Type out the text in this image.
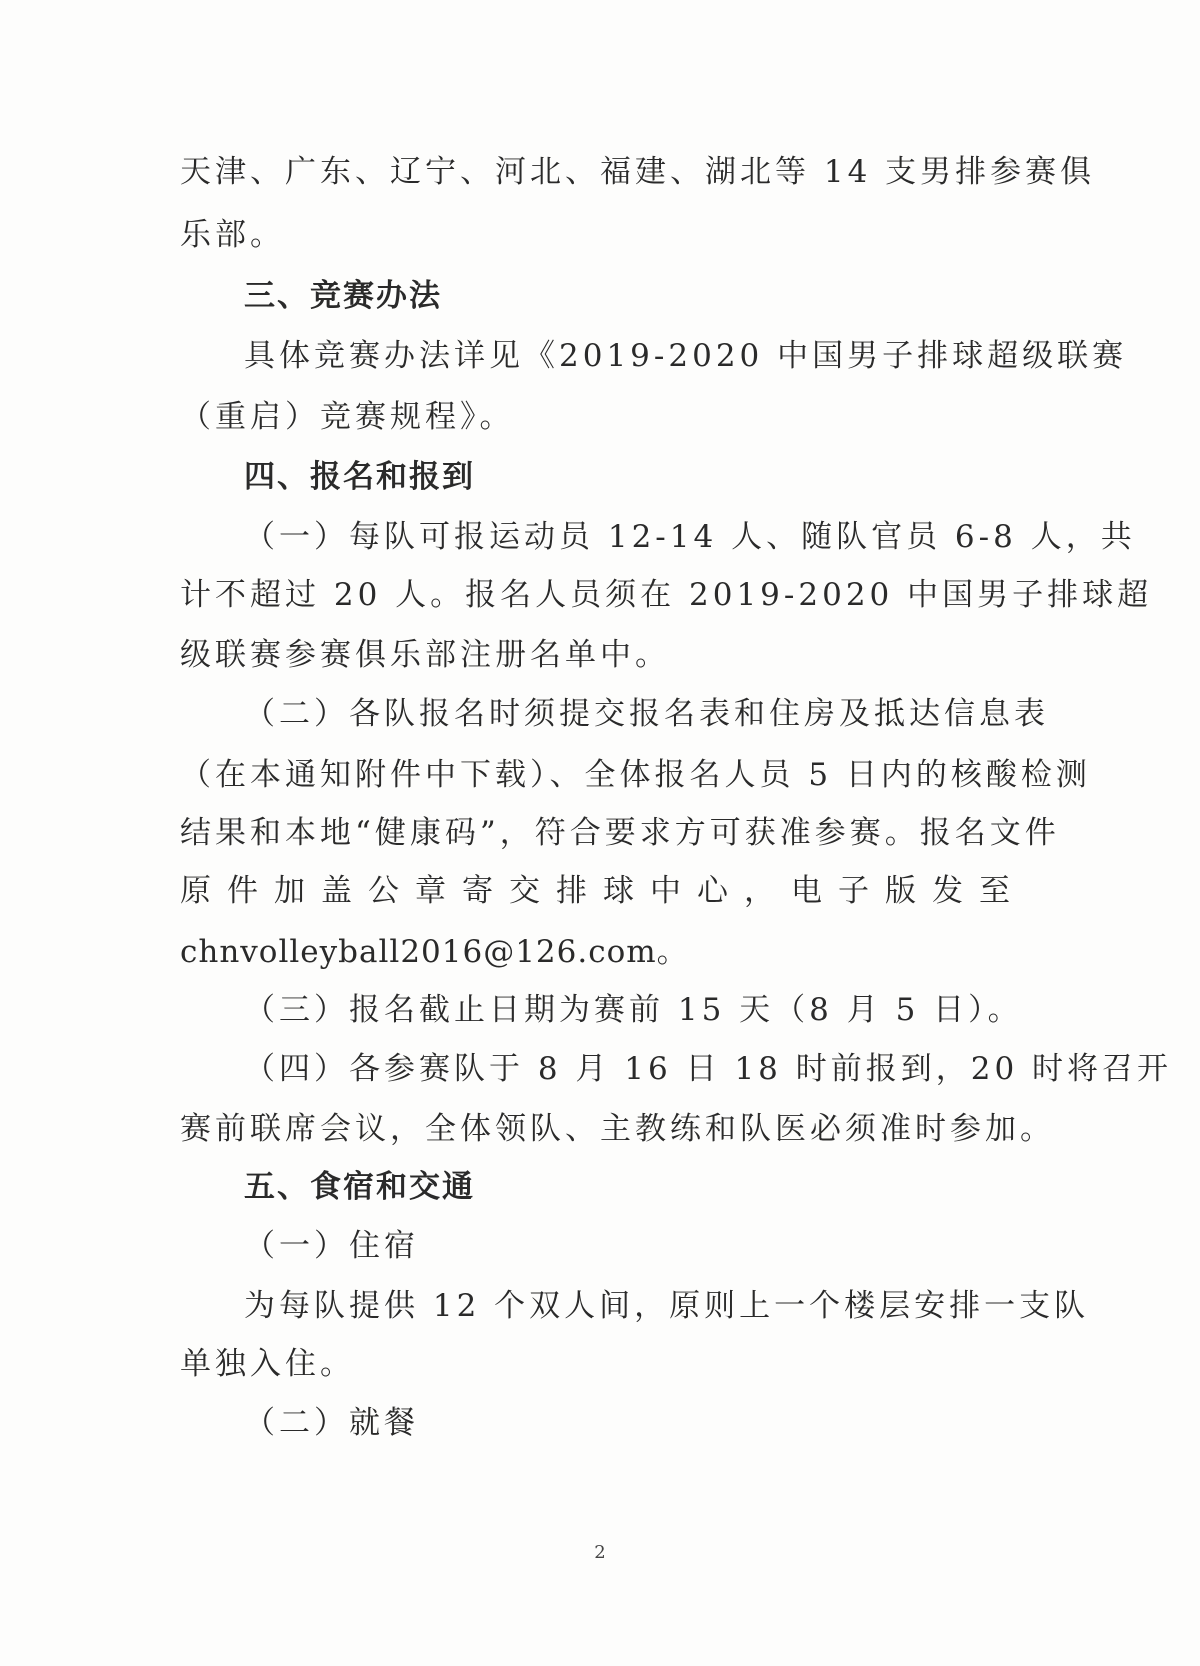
天津、广东、辽宁、河北、福建、湖北等 14 支男排参赛俱
乐部。
三、竞赛办法
具体竞赛办法详见《2019-2020 中国男子排球超级联赛
（重启）竞赛规程》。
四、报名和报到
（一）每队可报运动员 12-14 人、随队官员 6-8 人，共
计不超过 20 人。报名人员须在 2019-2020 中国男子排球超
级联赛参赛俱乐部注册名单中。
（二）各队报名时须提交报名表和住房及抵达信息表
（在本通知附件中下载）、全体报名人员 5 日内的核酸检测
结果和本地“健康码”，符合要求方可获准参赛。报名文件
原 件 加 盖 公 章 寄 交 排 球 中 心 ， 电 子 版 发 至
chnvolleyball2016@126.com。
（三）报名截止日期为赛前 15 天（8 月 5 日）。
（四）各参赛队于 8 月 16 日 18 时前报到，20 时将召开
赛前联席会议，全体领队、主教练和队医必须准时参加。
五、食宿和交通
（一）住宿
为每队提供 12 个双人间，原则上一个楼层安排一支队
单独入住。
（二）就餐
2
